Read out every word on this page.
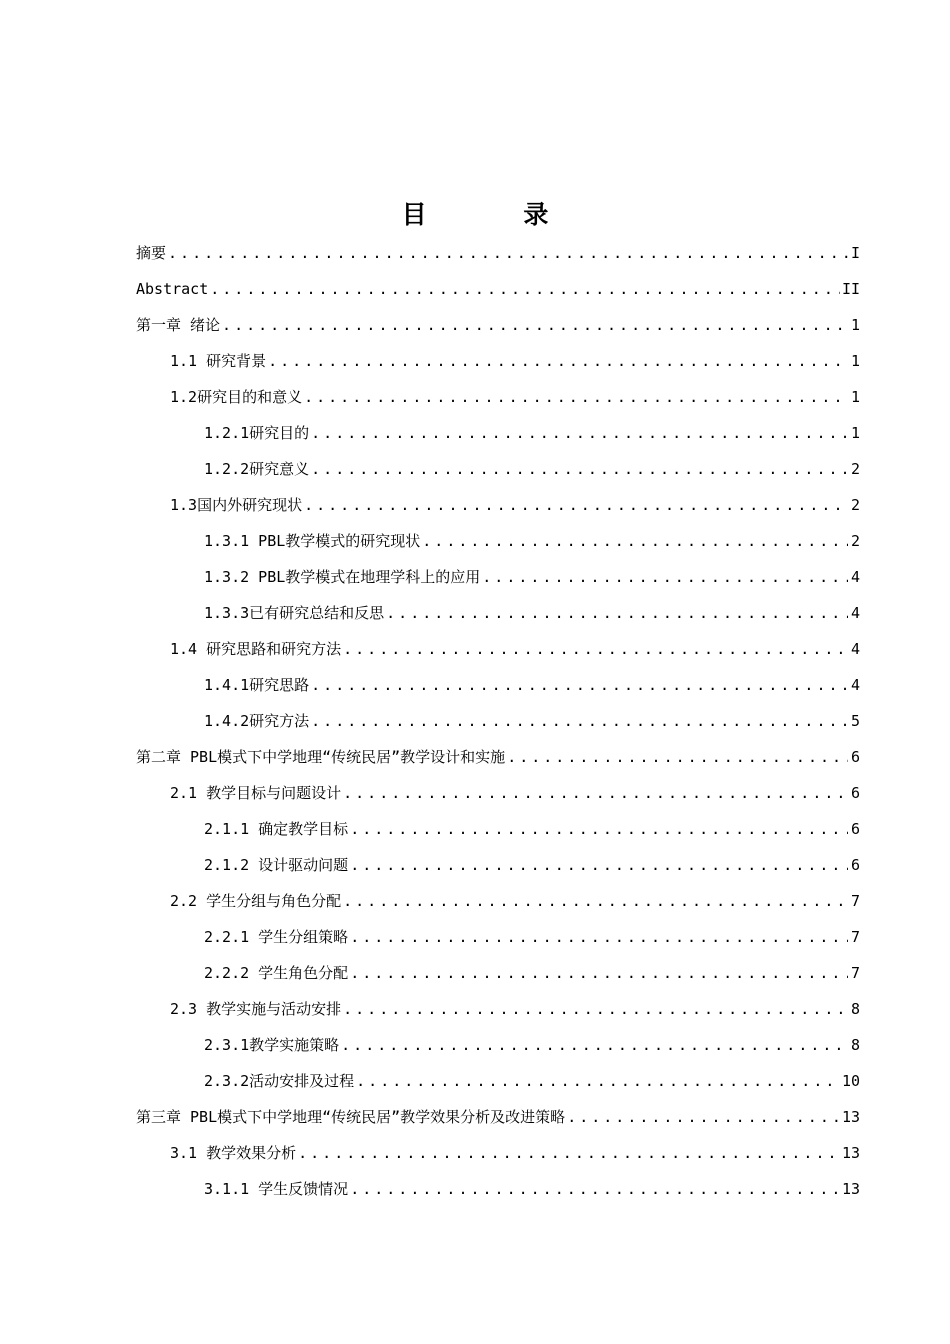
目 录
摘要 .....	I
Abstract .....	II
第一章 绪论 .....	1
1.1 研究背景 .....	1
1.2研究目的和意义 .....	1
1.2.1研究目的 .....	1
1.2.2研究意义 .....	2
1.3国内外研究现状 .....	2
1.3.1 PBL教学模式的研究现状 .....	2
1.3.2 PBL教学模式在地理学科上的应用 .....	4
1.3.3已有研究总结和反思 .....	4
1.4 研究思路和研究方法 .....	4
1.4.1研究思路 .....	4
1.4.2研究方法 .....	5
第二章 PBL模式下中学地理“传统民居”教学设计和实施 .....	6
2.1 教学目标与问题设计 .....	6
2.1.1 确定教学目标 .....	6
2.1.2 设计驱动问题 .....	6
2.2 学生分组与角色分配 .....	7
2.2.1 学生分组策略 .....	7
2.2.2 学生角色分配 .....	7
2.3 教学实施与活动安排 .....	8
2.3.1教学实施策略 .....	8
2.3.2活动安排及过程 .....	10
第三章 PBL模式下中学地理“传统民居”教学效果分析及改进策略 .....	13
3.1 教学效果分析 .....	13
3.1.1 学生反馈情况 .....	13
